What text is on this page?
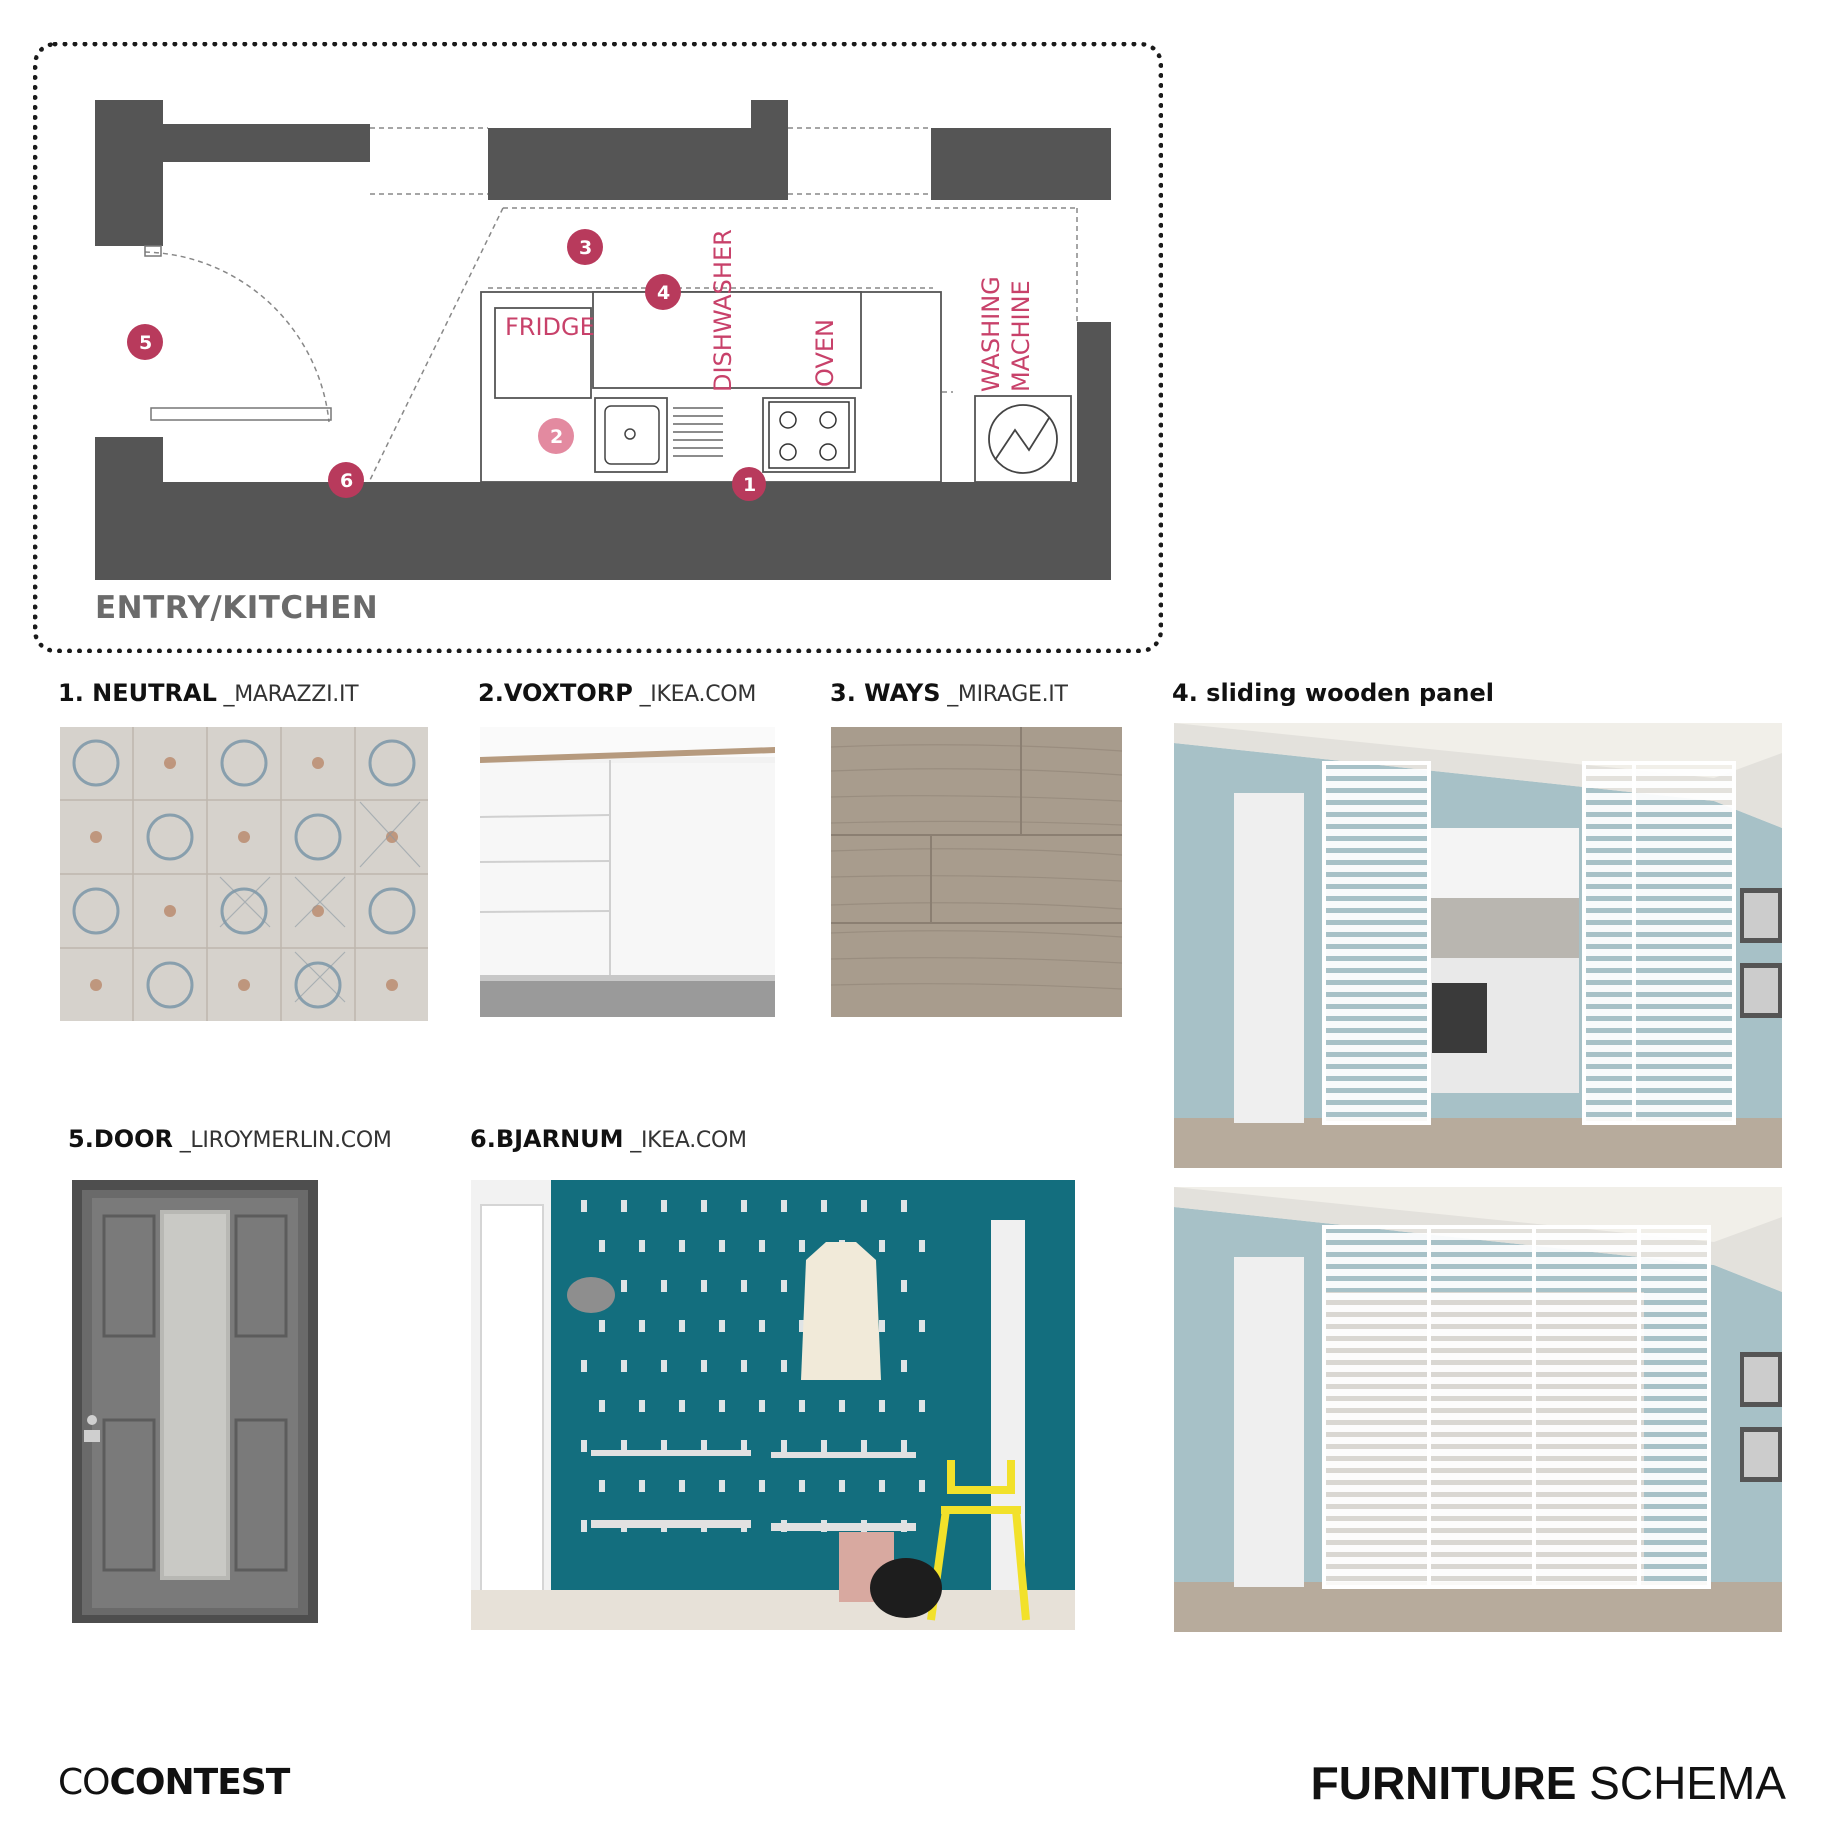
FRIDGE	DISHWASHER	OVEN	WASHING MACHINE
1
2
3
4
5
6
ENTRY/KITCHEN
1. NEUTRAL _MARAZZI.IT	2.VOXTORP _IKEA.COM	3. WAYS _MIRAGE.IT	4. sliding wooden panel
5.DOOR _LIROYMERLIN.COM	6.BJARNUM _IKEA.COM
COCONTEST	FURNITURE SCHEMA
